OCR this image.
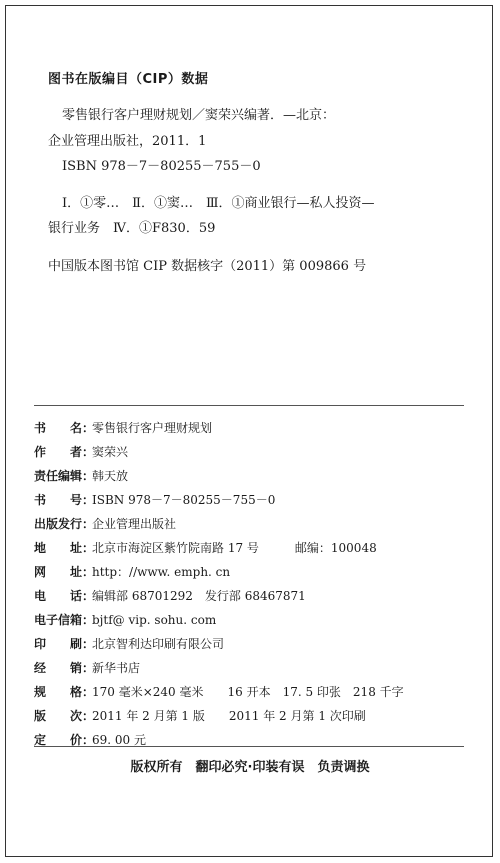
图书在版编目（CIP）数据
零售银行客户理财规划／窦荣兴编著．—北京：
企业管理出版社，2011．1
ISBN 978－7－80255－755－0
Ⅰ．①零…　Ⅱ．①窦…　Ⅲ．①商业银行—私人投资—
银行业务　Ⅳ．①F830．59
中国版本图书馆 CIP 数据核字（2011）第 009866 号
书　　名：
零售银行客户理财规划
作　　者：
窦荣兴
责任编辑：
韩天放
书　　号：
ISBN 978－7－80255－755－0
出版发行：
企业管理出版社
地　　址：
北京市海淀区紫竹院南路 17 号　　　邮编：100048
网　　址：
http：//www. emph. cn
电　　话：
编辑部 68701292　发行部 68467871
电子信箱：
bjtf@ vip. sohu. com
印　　刷：
北京智利达印刷有限公司
经　　销：
新华书店
规　　格：
170 毫米×240 毫米　　16 开本　17. 5 印张　218 千字
版　　次：
2011 年 2 月第 1 版　　2011 年 2 月第 1 次印刷
定　　价：
69. 00 元
版权所有　翻印必究·印装有误　负责调换
